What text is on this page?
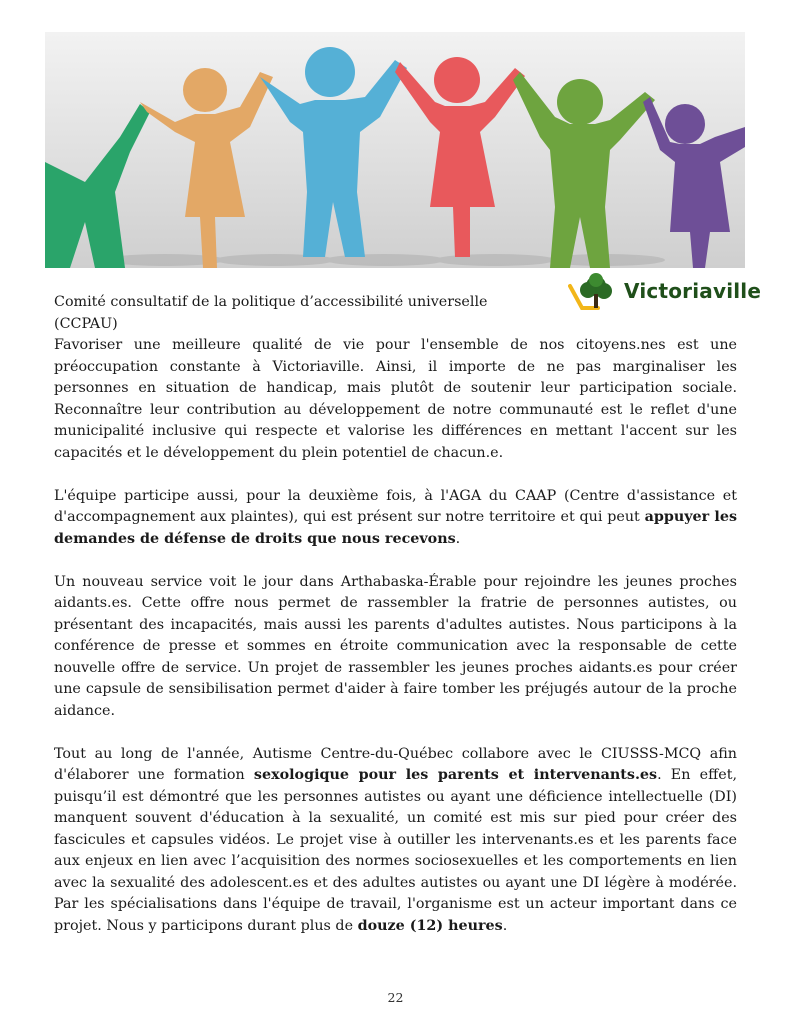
Victoriaville

Comité consultatif de la politique d’accessibilité universelle (CCPAU)

Favoriser une meilleure qualité de vie pour l'ensemble de nos citoyens.nes est une préoccupation constante à Victoriaville. Ainsi, il importe de ne pas marginaliser les personnes en situation de handicap, mais plutôt de soutenir leur participation sociale. Reconnaître leur contribution au développement de notre communauté est le reflet d'une municipalité inclusive qui respecte et valorise les différences en mettant l'accent sur les capacités et le développement du plein potentiel de chacun.e.

L'équipe participe aussi, pour la deuxième fois, à l'AGA du CAAP (Centre d'assistance et d'accompagnement aux plaintes), qui est présent sur notre territoire et qui peut appuyer les demandes de défense de droits que nous recevons.

Un nouveau service voit le jour dans Arthabaska-Érable pour rejoindre les jeunes proches aidants.es. Cette offre nous permet de rassembler la fratrie de personnes autistes, ou présentant des incapacités, mais aussi les parents d'adultes autistes. Nous participons à la conférence de presse et sommes en étroite communication avec la responsable de cette nouvelle offre de service. Un projet de rassembler les jeunes proches aidants.es pour créer une capsule de sensibilisation permet d'aider à faire tomber les préjugés autour de la proche aidance.

Tout au long de l'année, Autisme Centre-du-Québec collabore avec le CIUSSS-MCQ afin d'élaborer une formation sexologique pour les parents et intervenants.es. En effet, puisqu’il est démontré que les personnes autistes ou ayant une déficience intellectuelle (DI) manquent souvent d'éducation à la sexualité, un comité est mis sur pied pour créer des fascicules et capsules vidéos. Le projet vise à outiller les intervenants.es et les parents face aux enjeux en lien avec l’acquisition des normes sociosexuelles et les comportements en lien avec la sexualité des adolescent.es et des adultes autistes ou ayant une DI légère à modérée. Par les spécialisations dans l'équipe de travail, l'organisme est un acteur important dans ce projet. Nous y participons durant plus de douze (12) heures.

22
